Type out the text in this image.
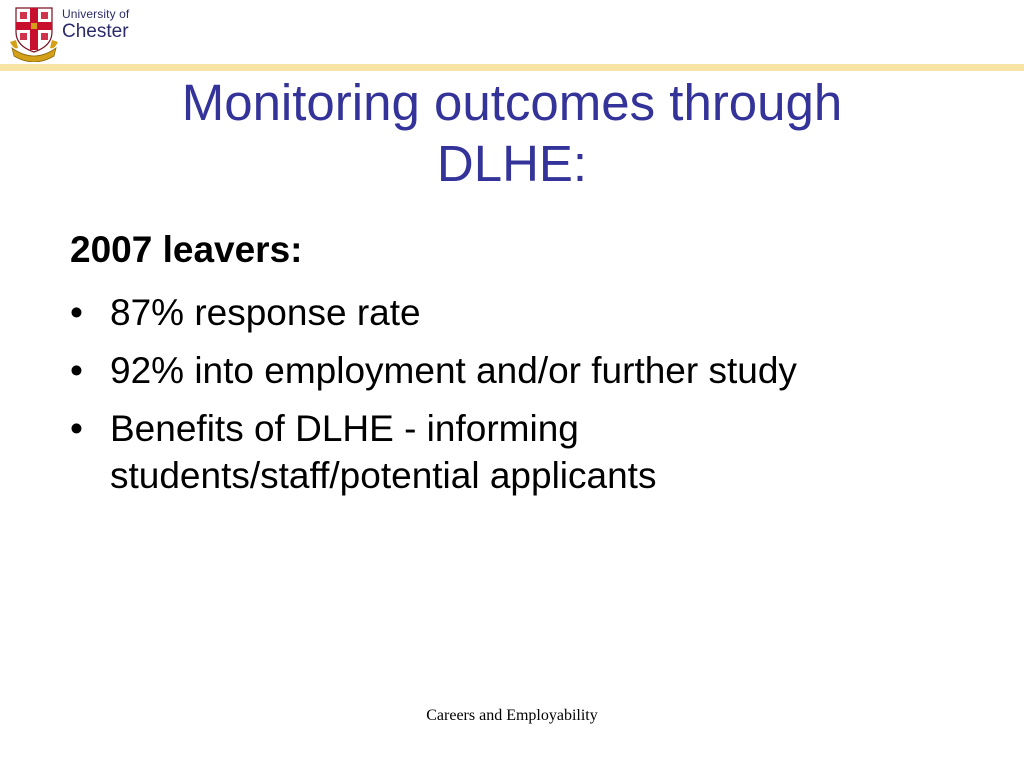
University of
Chester
Monitoring outcomes through DLHE:

2007 leavers:

• 87% response rate
• 92% into employment and/or further study
• Benefits of DLHE - informing students/staff/potential applicants
Careers and Employability
